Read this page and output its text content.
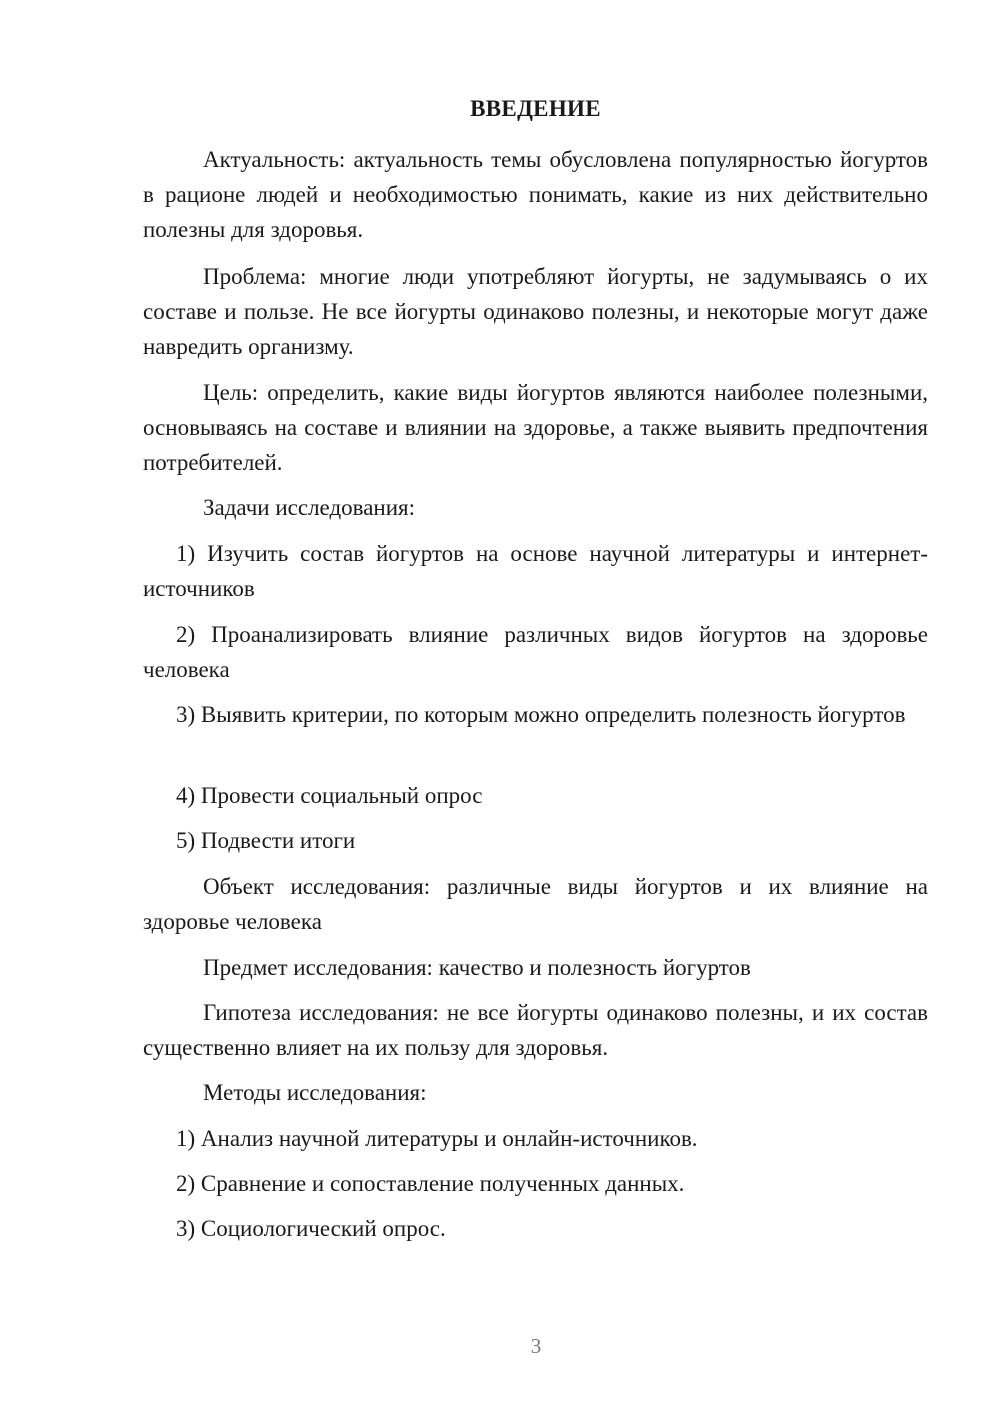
ВВЕДЕНИЕ

Актуальность: актуальность темы обусловлена популярностью йогуртов в рационе людей и необходимостью понимать, какие из них действительно полезны для здоровья.

Проблема: многие люди употребляют йогурты, не задумываясь о их составе и пользе. Не все йогурты одинаково полезны, и некоторые могут даже навредить организму.

Цель: определить, какие виды йогуртов являются наиболее полезными, основываясь на составе и влиянии на здоровье, а также выявить предпочтения потребителей.

Задачи исследования:

1) Изучить состав йогуртов на основе научной литературы и интернет-источников

2) Проанализировать влияние различных видов йогуртов на здоровье человека

3) Выявить критерии, по которым можно определить полезность йогуртов

4) Провести социальный опрос

5) Подвести итоги

Объект исследования: различные виды йогуртов и их влияние на здоровье человека

Предмет исследования: качество и полезность йогуртов

Гипотеза исследования: не все йогурты одинаково полезны, и их состав существенно влияет на их пользу для здоровья.

Методы исследования:

1) Анализ научной литературы и онлайн-источников.

2) Сравнение и сопоставление полученных данных.

3) Социологический опрос.

3
